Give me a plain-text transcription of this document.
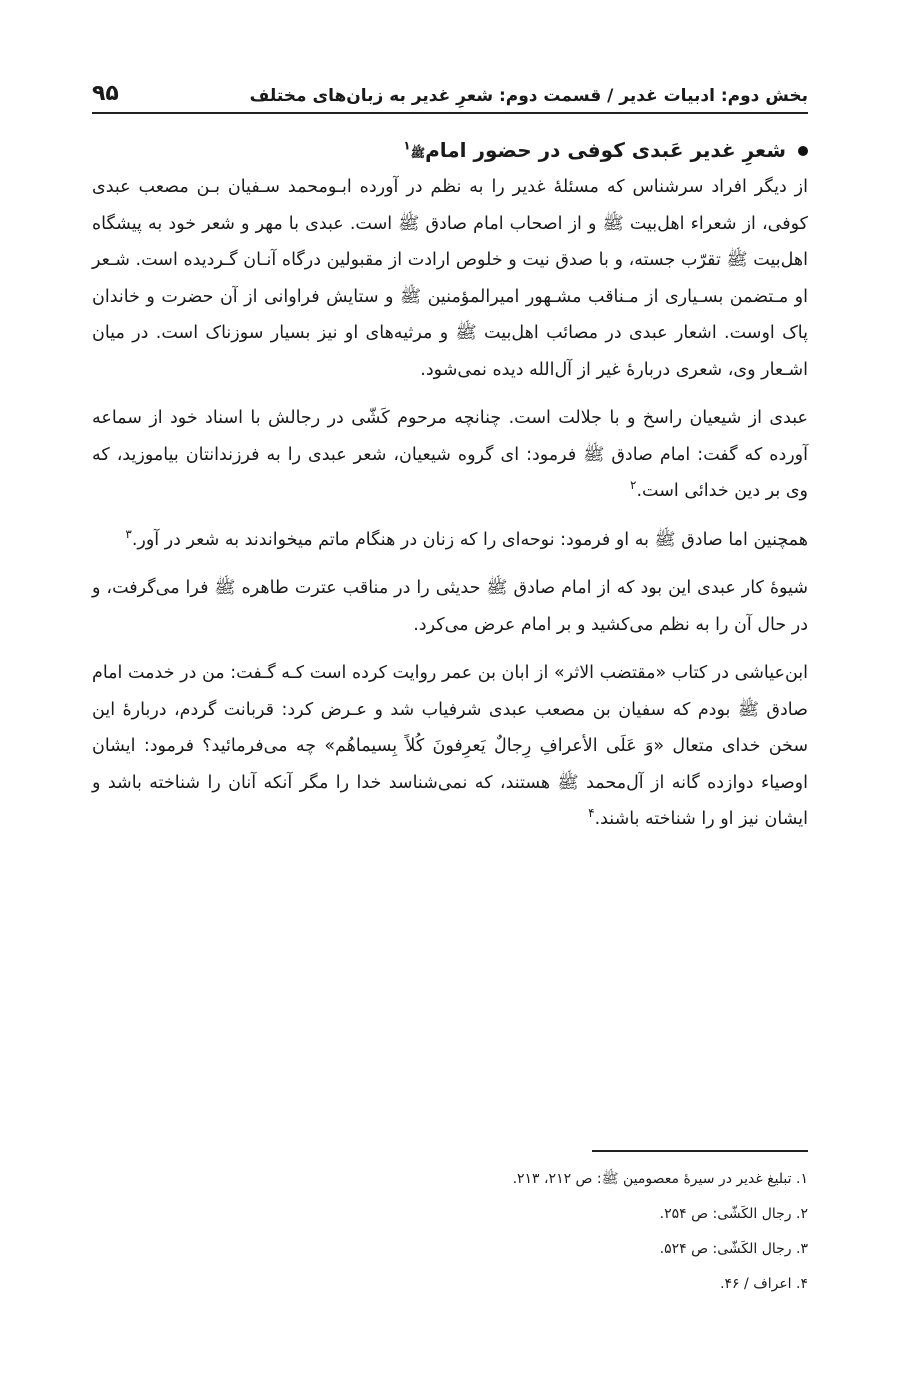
بخش دوم: ادبیات غدیر / قسمت دوم: شعرِ غدیر به زبان‌های مختلف
۹۵
شعرِ غدیر عَبدی کوفی در حضور امامﷺ$^۱$

از دیگر افراد سرشناس که مسئلهٔ غدیر را به نظم در آورده ابـومحمد سـفیان بـن مصعب عبدی کوفی، از شعراء اهل‌بیت ﷺ و از اصحاب امام صادق ﷺ است. عبدی با مهر و شعر خود به پیشگاه اهل‌بیت ﷺ تقرّب جسته، و با صدق نیت و خلوص ارادت از مقبولین درگاه آنـان گـردیده است. شـعر او مـتضمن بسـیاری از مـناقب مشـهور امیرالمؤمنین ﷺ و ستایش فراوانی از آن حضرت و خاندان پاک اوست. اشعار عبدی در مصائب اهل‌بیت ﷺ و مرثیه‌های او نیز بسیار سوزناک است. در میان اشـعار وی، شعری دربارهٔ غیر از آل‌الله دیده نمی‌شود.

عبدی از شیعیان راسخ و با جلالت است. چنانچه مرحوم کَشّی در رجالش با اسناد خود از سماعه آورده که گفت: امام صادق ﷺ فرمود: ای گروه شیعیان، شعر عبدی را به فرزندانتان بیاموزید، که وی بر دین خدائی است.$^۲$

همچنین اما صادق ﷺ به او فرمود: نوحه‌ای را که زنان در هنگام ماتم میخواندند به شعر در آور.$^۳$

شیوهٔ کار عبدی این بود که از امام صادق ﷺ حدیثی را در مناقب عترت طاهره ﷺ فرا می‌گرفت، و در حال آن را به نظم می‌کشید و بر امام عرض می‌کرد.

ابن‌عیاشی در کتاب «مقتضب الاثر» از ابان بن عمر روایت کرده است کـه گـفت: من در خدمت امام صادق ﷺ بودم که سفیان بن مصعب عبدی شرفیاب شد و عـرض کرد: قربانت گردم، دربارهٔ این سخن خدای متعال «وَ عَلَی الأعرافِ رِجالٌ یَعرِفونَ کُلاً بِسیماهُم» چه می‌فرمائید؟ فرمود: ایشان اوصیاء دوازده گانه از آل‌محمد ﷺ هستند، که نمی‌شناسد خدا را مگر آنکه آنان را شناخته باشد و ایشان نیز او را شناخته باشند.$^۴$

۱. تبلیغ غدیر در سیرهٔ معصومین ﷺ: ص ۲۱۲، ۲۱۳.
۲. رجال الکَشّی: ص ۲۵۴.
۳. رجال الکَشّی: ص ۵۲۴.
۴. اعراف / ۴۶.
